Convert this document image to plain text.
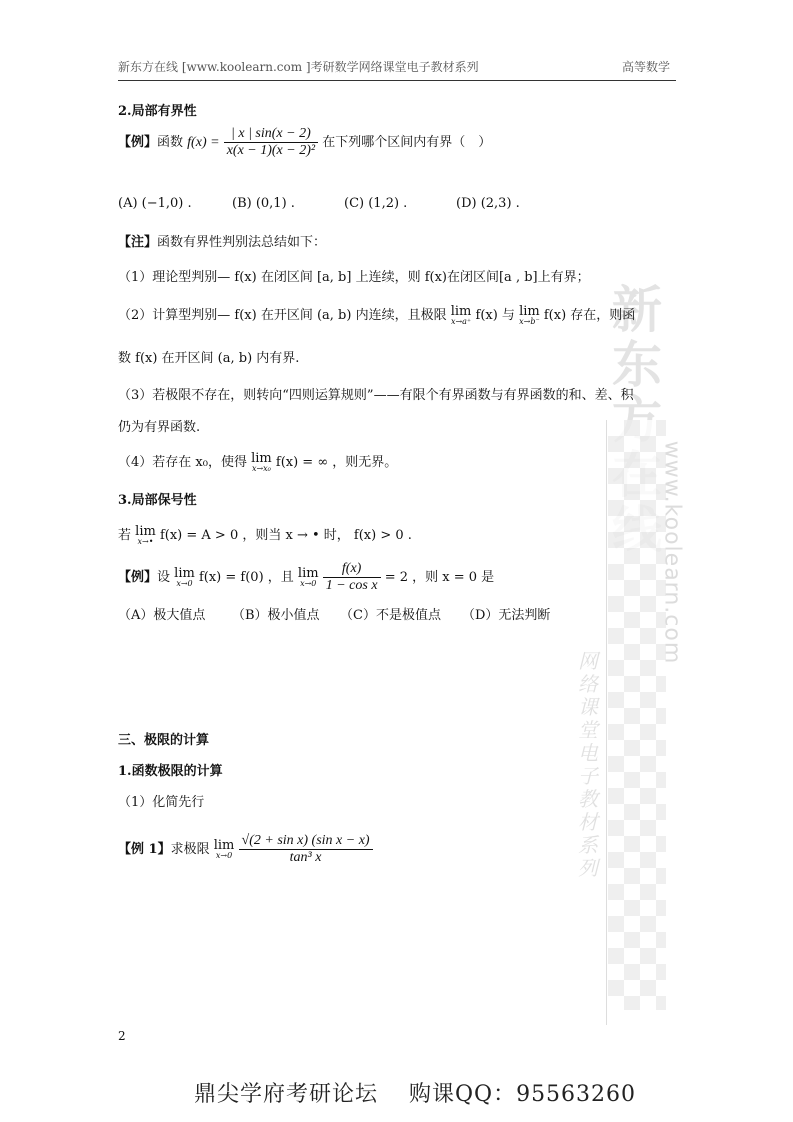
新东方在线 [www.koolearn.com ]考研数学网络课堂电子教材系列	高等数学
新
东
www.koolearn.com
网
络
课
堂
电
子
教
材
系
列
2.局部有界性
【例】函数 $f(x) = \frac{| x | \sin(x - 2)}{\text{x(x − 1)(x − 2)²}}$ 在下列哪个区间内有界（　）
(A) (−1,0) .	(B) (0,1) .	(C) (1,2) .	(D) (2,3) .
【注】函数有界性判别法总结如下：
（1）理论型判别— f(x) 在闭区间 [a, b] 上连续，则 f(x)在闭区间[a , b]上有界；
（2）计算型判别— f(x) 在开区间 (a, b) 内连续，且极限 lim
x→a⁺ f(x) 与 lim
x→b⁻ f(x) 存在，则函
数 f(x) 在开区间 (a, b) 内有界.
（3）若极限不存在，则转向“四则运算规则”——有限个有界函数与有界函数的和、差、积
仍为有界函数.
（4）若存在 x₀，使得 lim
x→x₀ f(x) = ∞ ，则无界。
3.局部保号性
若 lim
x→• f(x) = A > 0 ，则当 x → • 时， f(x) > 0 .
【例】设 lim
x→0 f(x) = f(0) ，且 lim
x→0
$\frac{f(x)}{\text{1 − cos x}} = 2$ ，则 x = 0 是
（A）极大值点 （B）极小值点 （C）不是极值点 （D）无法判断
三、极限的计算
1.函数极限的计算
（1）化简先行
【例 1】求极限 lim
x→0
$\frac{\text{√(2 + sin x) (sin x − x)}}{\text{tan³ x}}$
2
鼎尖学府考研论坛　 购课QQ：95563260
